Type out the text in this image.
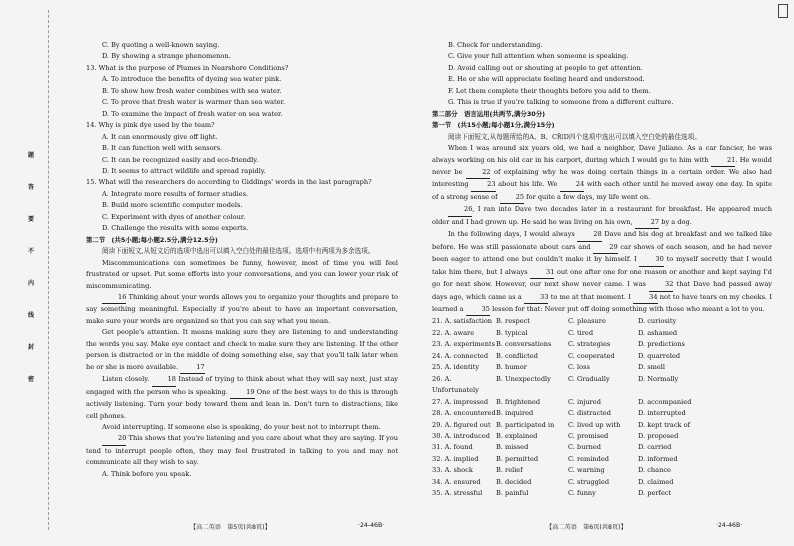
题
答
要
不
内
线
封
密
C. By quoting a well-known saying.
D. By showing a strange phenomenon.
13. What is the purpose of Plumes in Nearshore Conditions?
A. To introduce the benefits of dyeing sea water pink.
B. To show how fresh water combines with sea water.
C. To prove that fresh water is warmer than sea water.
D. To examine the impact of fresh water on sea water.
14. Why is pink dye used by the team?
A. It can enormously give off light.
B. It can function well with sensors.
C. It can be recognized easily and eco-friendly.
D. It seems to attract wildlife and spread rapidly.
15. What will the researchers do according to Giddings' words in the last paragraph?
A. Integrate more results of former studies.
B. Build more scientific computer models.
C. Experiment with dyes of another colour.
D. Challenge the results with some experts.
第二节　(共5小题;每小题2.5分,满分12.5分)
阅读下面短文,从短文后的选项中选出可以填入空白处的最佳选项。选项中有两项为多余选项。
Miscommunications can sometimes be funny, however, most of time you will feel frustrated or upset. Put some efforts into your conversations, and you can lower your risk of miscommunicating.
16 Thinking about your words allows you to organize your thoughts and prepare to say something meaningful. Especially if you're about to have an important conversation, make sure your words are organized so that you can say what you mean.
Get people's attention. It means making sure they are listening to and understanding the words you say. Make eye contact and check to make sure they are listening. If the other person is distracted or in the middle of doing something else, say that you'll talk later when he or she is more available.	17
Listen closely.	18 Instead of trying to think about what they will say next, just stay engaged with the person who is speaking.	19 One of the best ways to do this is through actively listening. Turn your body toward them and lean in. Don't turn to distractions, like cell phones.
Avoid interrupting. If someone else is speaking, do your best not to interrupt them.
20 This shows that you're listening and you care about what they are saying. If you tend to interrupt people often, they may feel frustrated in talking to you and may not communicate all they wish to say.
A. Think before you speak.
B. Check for understanding.
C. Give your full attention when someone is speaking.
D. Avoid calling out or shouting at people to get attention.
E. He or she will appreciate feeling heard and understood.
F. Let them complete their thoughts before you add to them.
G. This is true if you're talking to someone from a different culture.
第二部分　语言运用(共两节,满分30分)
第一节　(共15小题;每小题1分,满分15分)
阅读下面短文,从每题所给的A、B、C和D四个选项中选出可以填入空白处的最佳选项。
When I was around six years old, we had a neighbor, Dave Juliano. As a car fancier, he was always working on his old car in his carport, during which I would go to him with 21. He would never be 22 of explaining why he was doing certain things in a certain order. We also had interesting 23 about his life. We 24 with each other until he moved away one day. In spite of a strong sense of 25 for quite a few days, my life went on.
26, I ran into Dave two decades later in a restaurant for breakfast. He appeared much older and I had grown up. He said he was living on his own, 27 by a dog.
In the following days, I would always 28 Dave and his dog at breakfast and we talked like before. He was still passionate about cars and 29 car shows of each season, and he had never been eager to attend one but couldn't make it by himself. I 30 to myself secretly that I would take him there, but I always 31 out one after one for one reason or another and kept saying I'd go for next show. However, our next show never came. I was 32 that Dave had passed away days ago, which came as a 33 to me at that moment. I 34 not to have tears on my cheeks. I learned a 35 lesson for that: Never put off doing something with those who meant a lot to you.
21. A. satisfaction B. respect	C. pleasure	D. curiosity
22. A. aware	B. typical	C. tired	D. ashamed
23. A. experiments B. conversations	C. strategies	D. predictions
24. A. connected	B. conflicted	C. cooperated	D. quarreled
25. A. identity	B. humor	C. loss	D. smell
26. A. Unfortunately
B. Unexpectedly	C. Gradually	D. Normally
27. A. impressed	B. frightened	C. injured	D. accompanied
28. A. encountered B. inquired	C. distracted	D. interrupted
29. A. figured out B. participated in	C. lived up with	D. kept track of
30. A. introduced B. explained	C. promised	D. proposed
31. A. found	B. missed	C. burned	D. carried
32. A. implied	B. permitted	C. reminded	D. informed
33. A. shock	B. relief	C. warning	D. chance
34. A. ensured	B. decided	C. struggled	D. claimed
35. A. stressful	B. painful	C. funny	D. perfect
【高二英语　第5页(共8页)】	·24-46B·	【高二英语　第6页(共8页)】	·24-46B·
